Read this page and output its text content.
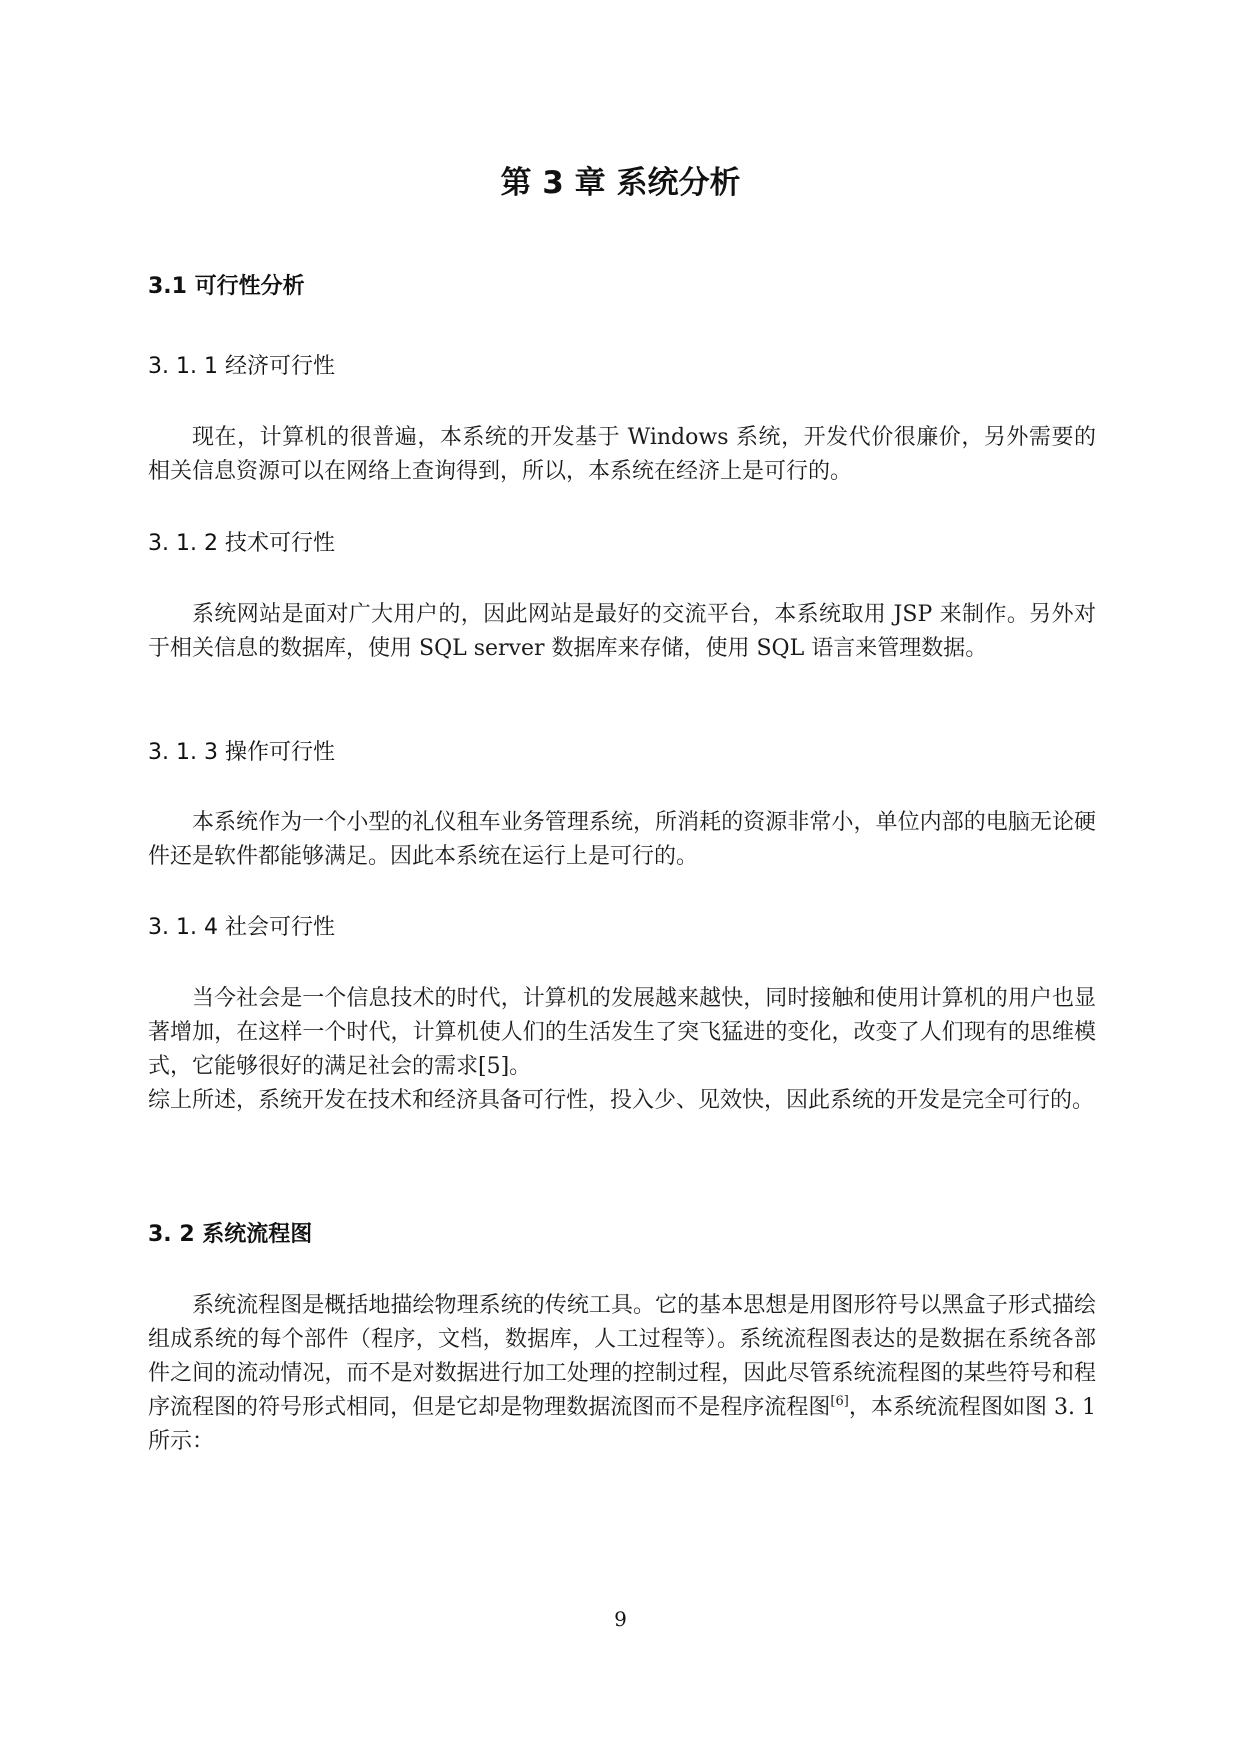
第 3 章 系统分析
3.1 可行性分析
3. 1. 1 经济可行性

现在，计算机的很普遍，本系统的开发基于 Windows 系统，开发代价很廉价，另外需要的相关信息资源可以在网络上查询得到，所以，本系统在经济上是可行的。

3. 1. 2 技术可行性

系统网站是面对广大用户的，因此网站是最好的交流平台，本系统取用 JSP 来制作。另外对于相关信息的数据库，使用 SQL server 数据库来存储，使用 SQL 语言来管理数据。

3. 1. 3 操作可行性

本系统作为一个小型的礼仪租车业务管理系统，所消耗的资源非常小，单位内部的电脑无论硬件还是软件都能够满足。因此本系统在运行上是可行的。

3. 1. 4 社会可行性

当今社会是一个信息技术的时代，计算机的发展越来越快，同时接触和使用计算机的用户也显著增加，在这样一个时代，计算机使人们的生活发生了突飞猛进的变化，改变了人们现有的思维模式，它能够很好的满足社会的需求[5]。

综上所述，系统开发在技术和经济具备可行性，投入少、见效快，因此系统的开发是完全可行的。

3. 2 系统流程图

系统流程图是概括地描绘物理系统的传统工具。它的基本思想是用图形符号以黑盒子形式描绘组成系统的每个部件（程序，文档，数据库，人工过程等）。系统流程图表达的是数据在系统各部件之间的流动情况，而不是对数据进行加工处理的控制过程，因此尽管系统流程图的某些符号和程序流程图的符号形式相同，但是它却是物理数据流图而不是程序流程图[6]，本系统流程图如图 3. 1 所示：

9
